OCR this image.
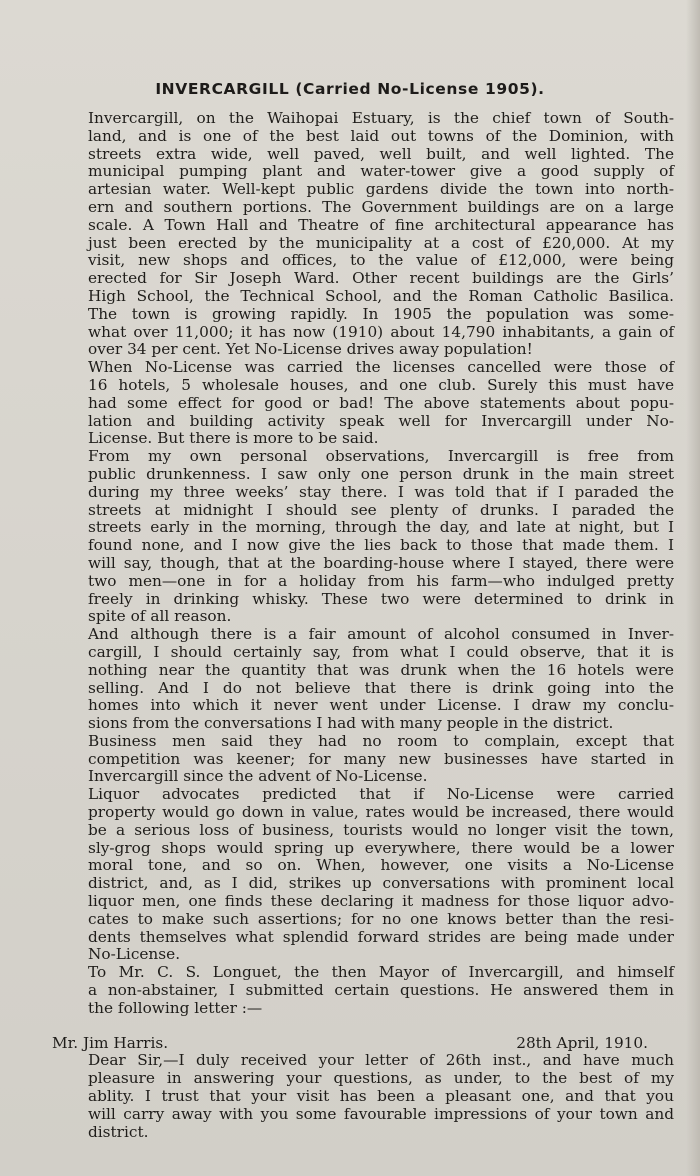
INVERCARGILL (Carried No-License 1905).

Invercargill, on the Waihopai Estuary, is the chief town of South-
land, and is one of the best laid out towns of the Dominion, with
streets extra wide, well paved, well built, and well lighted. The
municipal pumping plant and water-tower give a good supply of
artesian water. Well-kept public gardens divide the town into north-
ern and southern portions. The Government buildings are on a large
scale. A Town Hall and Theatre of fine architectural appearance has
just been erected by the municipality at a cost of £20,000. At my
visit, new shops and offices, to the value of £12,000, were being
erected for Sir Joseph Ward. Other recent buildings are the Girls’
High School, the Technical School, and the Roman Catholic Basilica.

The town is growing rapidly. In 1905 the population was some-
what over 11,000; it has now (1910) about 14,790 inhabitants, a gain of
over 34 per cent. Yet No-License drives away population!

When No-License was carried the licenses cancelled were those of
16 hotels, 5 wholesale houses, and one club. Surely this must have
had some effect for good or bad! The above statements about popu-
lation and building activity speak well for Invercargill under No-
License. But there is more to be said.

From my own personal observations, Invercargill is free from
public drunkenness. I saw only one person drunk in the main street
during my three weeks’ stay there. I was told that if I paraded the
streets at midnight I should see plenty of drunks. I paraded the
streets early in the morning, through the day, and late at night, but I
found none, and I now give the lies back to those that made them. I
will say, though, that at the boarding-house where I stayed, there were
two men—one in for a holiday from his farm—who indulged pretty
freely in drinking whisky. These two were determined to drink in
spite of all reason.

And although there is a fair amount of alcohol consumed in Inver-
cargill, I should certainly say, from what I could observe, that it is
nothing near the quantity that was drunk when the 16 hotels were
selling. And I do not believe that there is drink going into the
homes into which it never went under License. I draw my conclu-
sions from the conversations I had with many people in the district.

Business men said they had no room to complain, except that
competition was keener; for many new businesses have started in
Invercargill since the advent of No-License.

Liquor advocates predicted that if No-License were carried
property would go down in value, rates would be increased, there would
be a serious loss of business, tourists would no longer visit the town,
sly-grog shops would spring up everywhere, there would be a lower
moral tone, and so on. When, however, one visits a No-License
district, and, as I did, strikes up conversations with prominent local
liquor men, one finds these declaring it madness for those liquor advo-
cates to make such assertions; for no one knows better than the resi-
dents themselves what splendid forward strides are being made under
No-License.

To Mr. C. S. Longuet, the then Mayor of Invercargill, and himself
a non-abstainer, I submitted certain questions. He answered them in
the following letter :—

Mr. Jim Harris.	28th April, 1910.

Dear Sir,—I duly received your letter of 26th inst., and have much
pleasure in answering your questions, as under, to the best of my
ablity. I trust that your visit has been a pleasant one, and that you
will carry away with you some favourable impressions of your town and
district.
